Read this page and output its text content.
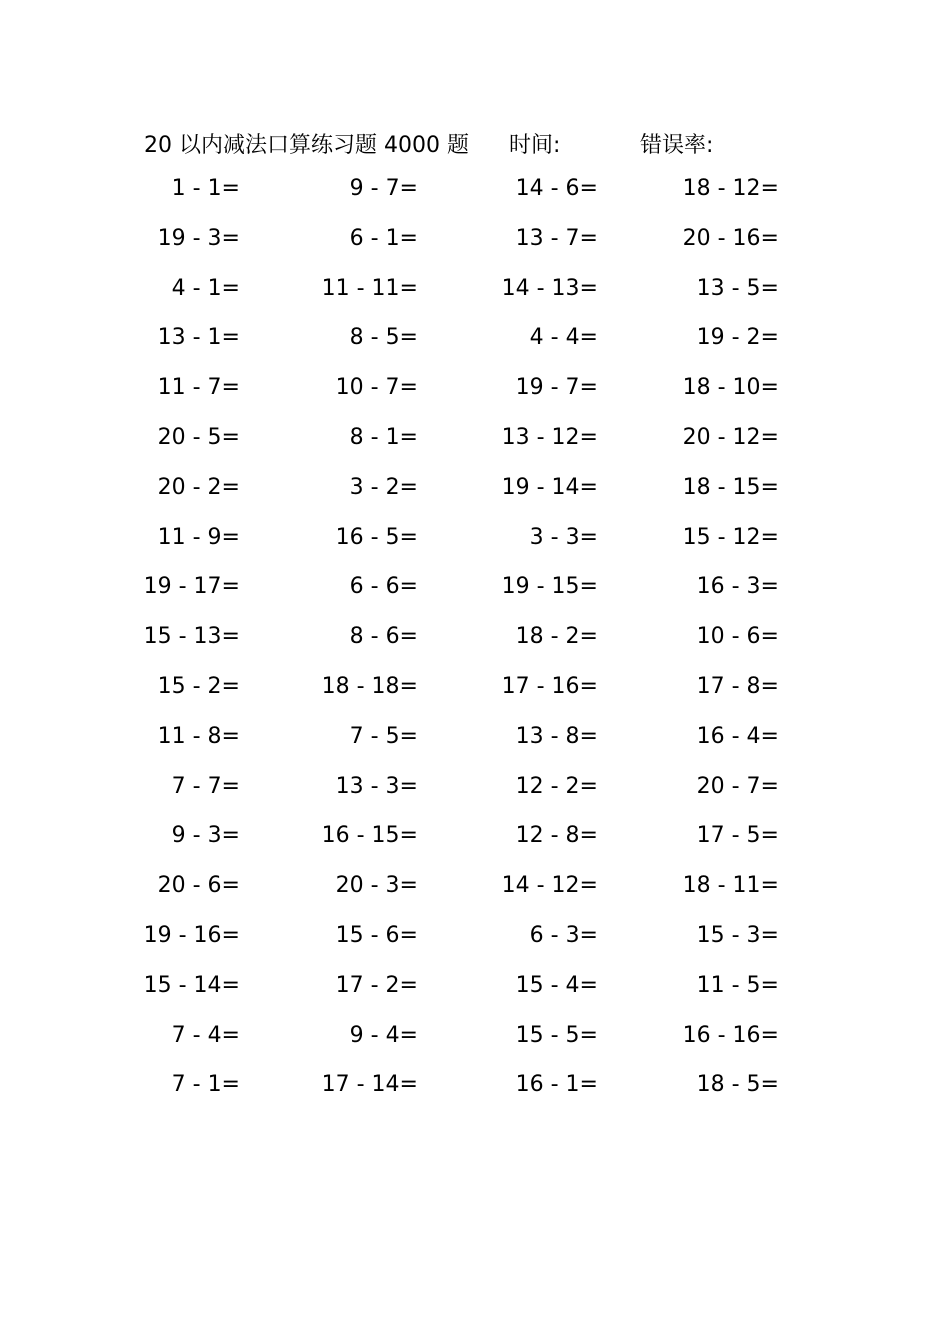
20 以内减法口算练习题 4000 题 时间:	错误率:
1 - 1=	9 - 7=	14 - 6=	18 - 12=
19 - 3=	6 - 1=	13 - 7=	20 - 16=
4 - 1=	11 - 11=	14 - 13=	13 - 5=
13 - 1=	8 - 5=	4 - 4=	19 - 2=
11 - 7=	10 - 7=	19 - 7=	18 - 10=
20 - 5=	8 - 1=	13 - 12=	20 - 12=
20 - 2=	3 - 2=	19 - 14=	18 - 15=
11 - 9=	16 - 5=	3 - 3=	15 - 12=
19 - 17=	6 - 6=	19 - 15=	16 - 3=
15 - 13=	8 - 6=	18 - 2=	10 - 6=
15 - 2=	18 - 18=	17 - 16=	17 - 8=
11 - 8=	7 - 5=	13 - 8=	16 - 4=
7 - 7=	13 - 3=	12 - 2=	20 - 7=
9 - 3=	16 - 15=	12 - 8=	17 - 5=
20 - 6=	20 - 3=	14 - 12=	18 - 11=
19 - 16=	15 - 6=	6 - 3=	15 - 3=
15 - 14=	17 - 2=	15 - 4=	11 - 5=
7 - 4=	9 - 4=	15 - 5=	16 - 16=
7 - 1=	17 - 14=	16 - 1=	18 - 5=
